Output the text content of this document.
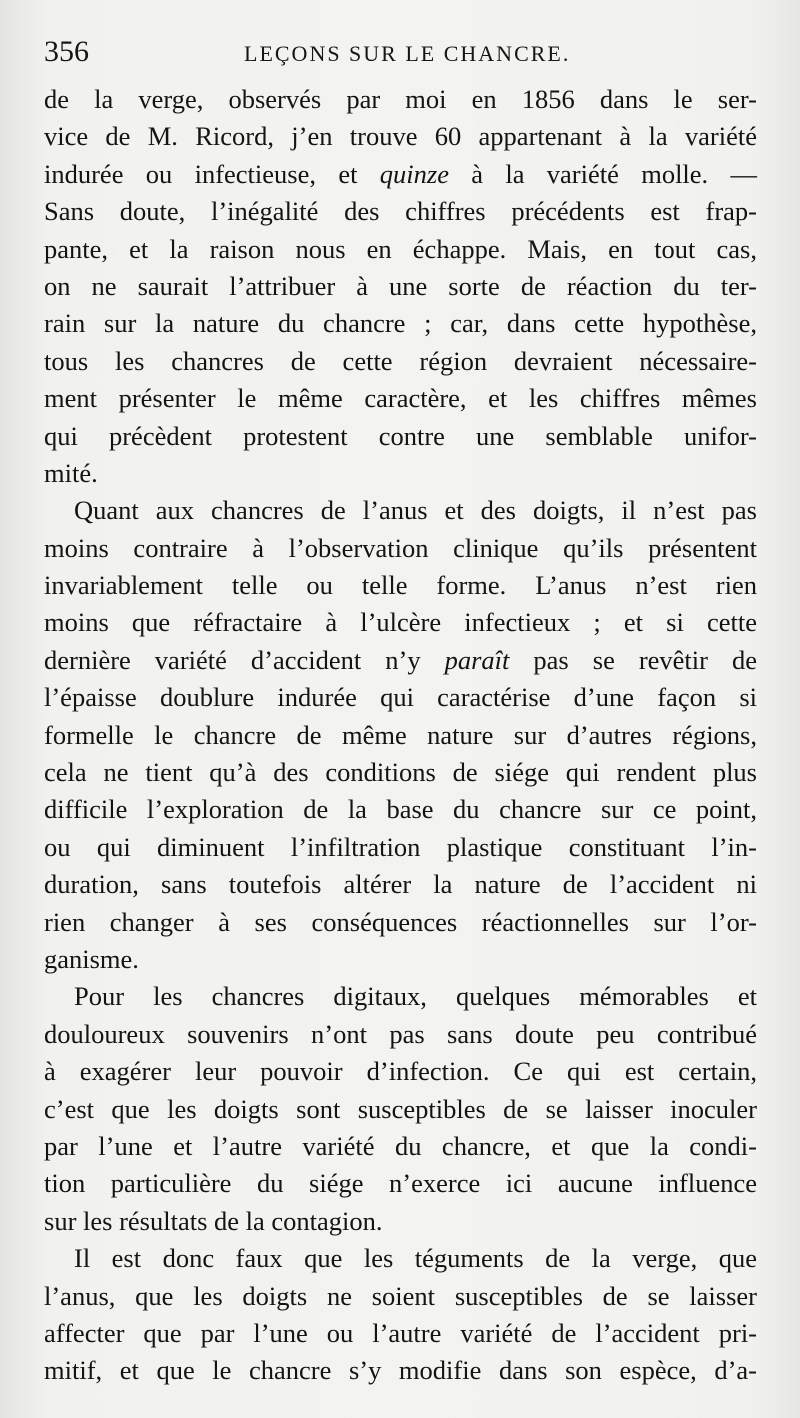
356	LEÇONS SUR LE CHANCRE.
de la verge, observés par moi en 1856 dans le ser-
vice de M. Ricord, j’en trouve 60 appartenant à la variété
indurée ou infectieuse, et quinze à la variété molle. —
Sans doute, l’inégalité des chiffres précédents est frap-
pante, et la raison nous en échappe. Mais, en tout cas,
on ne saurait l’attribuer à une sorte de réaction du ter-
rain sur la nature du chancre ; car, dans cette hypothèse,
tous les chancres de cette région devraient nécessaire-
ment présenter le même caractère, et les chiffres mêmes
qui précèdent protestent contre une semblable unifor-
mité.
Quant aux chancres de l’anus et des doigts, il n’est pas
moins contraire à l’observation clinique qu’ils présentent
invariablement telle ou telle forme. L’anus n’est rien
moins que réfractaire à l’ulcère infectieux ; et si cette
dernière variété d’accident n’y paraît pas se revêtir de
l’épaisse doublure indurée qui caractérise d’une façon si
formelle le chancre de même nature sur d’autres régions,
cela ne tient qu’à des conditions de siége qui rendent plus
difficile l’exploration de la base du chancre sur ce point,
ou qui diminuent l’infiltration plastique constituant l’in-
duration, sans toutefois altérer la nature de l’accident ni
rien changer à ses conséquences réactionnelles sur l’or-
ganisme.
Pour les chancres digitaux, quelques mémorables et
douloureux souvenirs n’ont pas sans doute peu contribué
à exagérer leur pouvoir d’infection. Ce qui est certain,
c’est que les doigts sont susceptibles de se laisser inoculer
par l’une et l’autre variété du chancre, et que la condi-
tion particulière du siége n’exerce ici aucune influence
sur les résultats de la contagion.
Il est donc faux que les téguments de la verge, que
l’anus, que les doigts ne soient susceptibles de se laisser
affecter que par l’une ou l’autre variété de l’accident pri-
mitif, et que le chancre s’y modifie dans son espèce, d’a-
